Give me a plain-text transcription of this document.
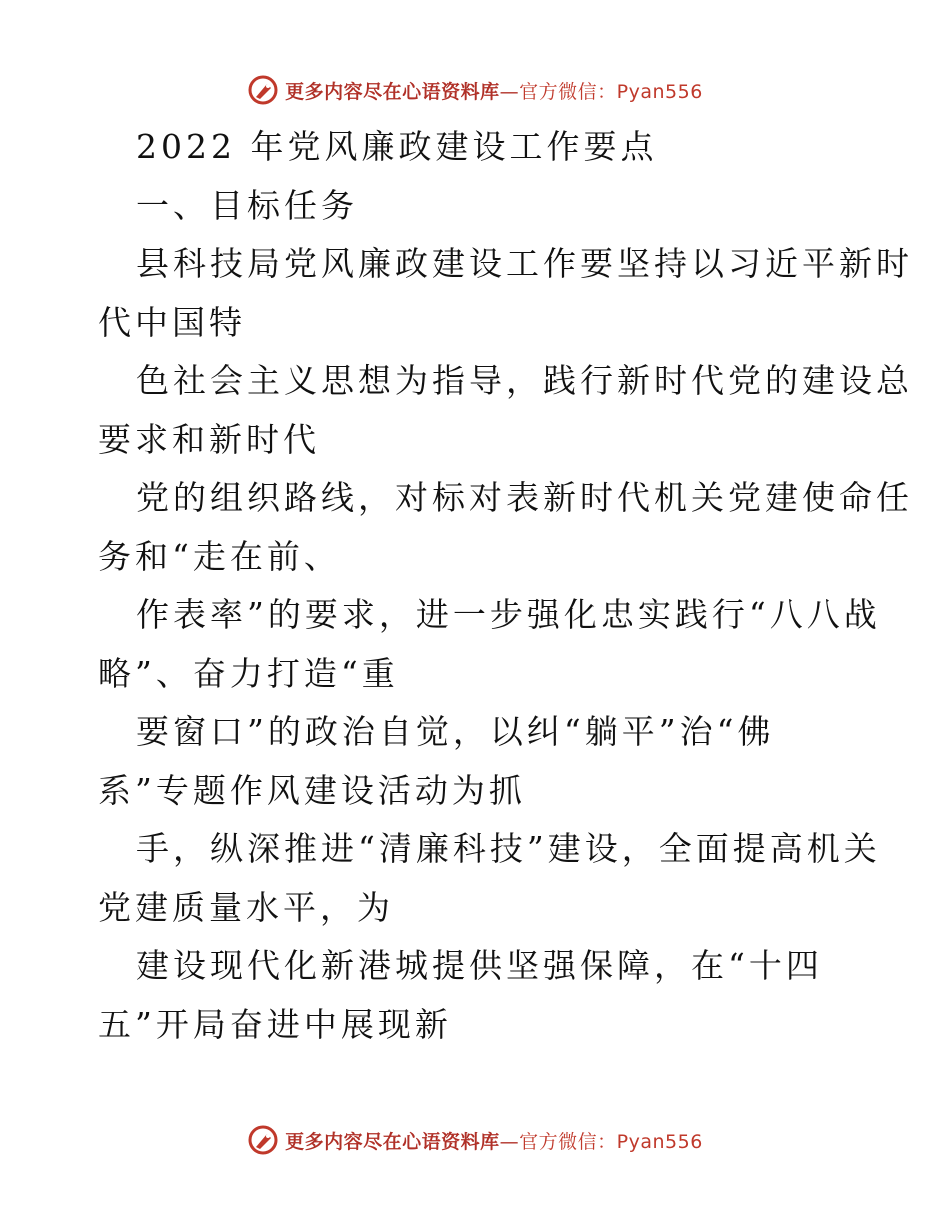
更多内容尽在心语资料库—官方微信：Pyan556
2022 年党风廉政建设工作要点
一、目标任务
县科技局党风廉政建设工作要坚持以习近平新时
代中国特
色社会主义思想为指导，践行新时代党的建设总
要求和新时代
党的组织路线，对标对表新时代机关党建使命任
务和“走在前、
作表率”的要求，进一步强化忠实践行“八八战
略”、奋力打造“重
要窗口”的政治自觉，以纠“躺平”治“佛
系”专题作风建设活动为抓
手，纵深推进“清廉科技”建设，全面提高机关
党建质量水平，为
建设现代化新港城提供坚强保障，在“十四
五”开局奋进中展现新
更多内容尽在心语资料库—官方微信：Pyan556
